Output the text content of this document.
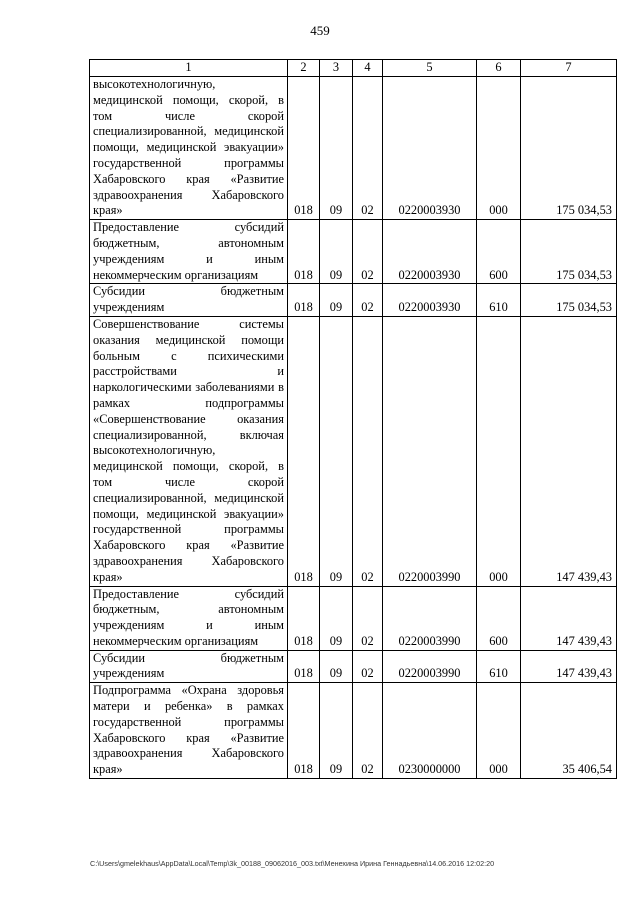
459
1	2	3	4	5	6	7
высокотехнологичную, медицинской помощи, скорой, в том числе скорой специализированной, медицинской помощи, медицинской эвакуации» государственной программы Хабаровского края «Развитие здравоохранения Хабаровского края»	018	09	02	0220003930	000	175 034,53
Предоставление субсидий бюджетным, автономным учреждениям и иным некоммерческим организациям	018	09	02	0220003930	600	175 034,53
Субсидии бюджетным учреждениям	018	09	02	0220003930	610	175 034,53
Совершенствование системы оказания медицинской помощи больным с психическими расстройствами и наркологическими заболеваниями в рамках подпрограммы «Совершенствование оказания специализированной, включая высокотехнологичную, медицинской помощи, скорой, в том числе скорой специализированной, медицинской помощи, медицинской эвакуации» государственной программы Хабаровского края «Развитие здравоохранения Хабаровского края»	018	09	02	0220003990	000	147 439,43
Предоставление субсидий бюджетным, автономным учреждениям и иным некоммерческим организациям	018	09	02	0220003990	600	147 439,43
Субсидии бюджетным учреждениям	018	09	02	0220003990	610	147 439,43
Подпрограмма «Охрана здоровья матери и ребенка» в рамках государственной программы Хабаровского края «Развитие здравоохранения Хабаровского края»	018	09	02	0230000000	000	35 406,54
C:\Users\gmelekhaus\AppData\Local\Temp\3k_00188_09062016_003.txt\Менехина Ирина Геннадьевна\14.06.2016 12:02:20
